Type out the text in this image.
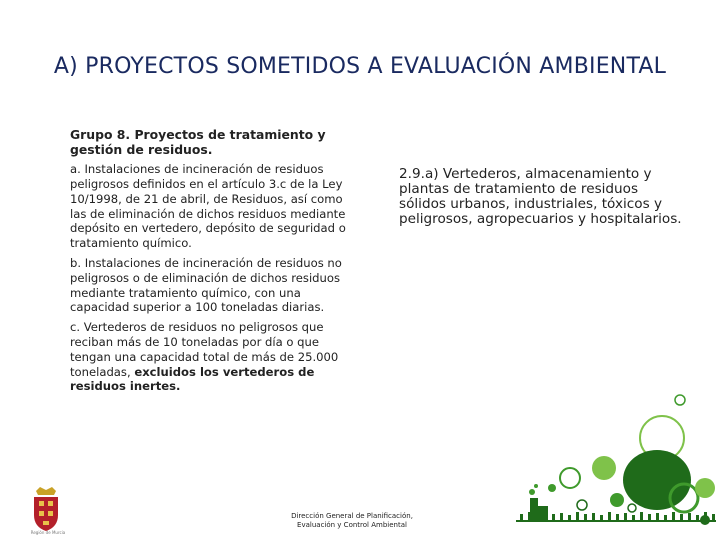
A) PROYECTOS SOMETIDOS A EVALUACIÓN AMBIENTAL
Grupo 8. Proyectos de tratamiento y gestión de residuos.
a. Instalaciones de incineración de residuos peligrosos definidos en el artículo 3.c de la Ley 10/1998, de 21 de abril, de Residuos, así como las de eliminación de dichos residuos mediante depósito en vertedero, depósito de seguridad o tratamiento químico.
b. Instalaciones de incineración de residuos no peligrosos o de eliminación de dichos residuos mediante tratamiento químico, con una capacidad superior a 100 toneladas diarias.
c. Vertederos de residuos no peligrosos que reciban más de 10 toneladas por día o que tengan una capacidad total de más de 25.000 toneladas, excluidos los vertederos de residuos inertes.
2.9.a) Vertederos, almacenamiento y plantas de tratamiento de residuos sólidos urbanos, industriales, tóxicos y peligrosos, agropecuarios y hospitalarios.
Dirección General de Planificación,
Evaluación y Control Ambiental
Región de Murcia
